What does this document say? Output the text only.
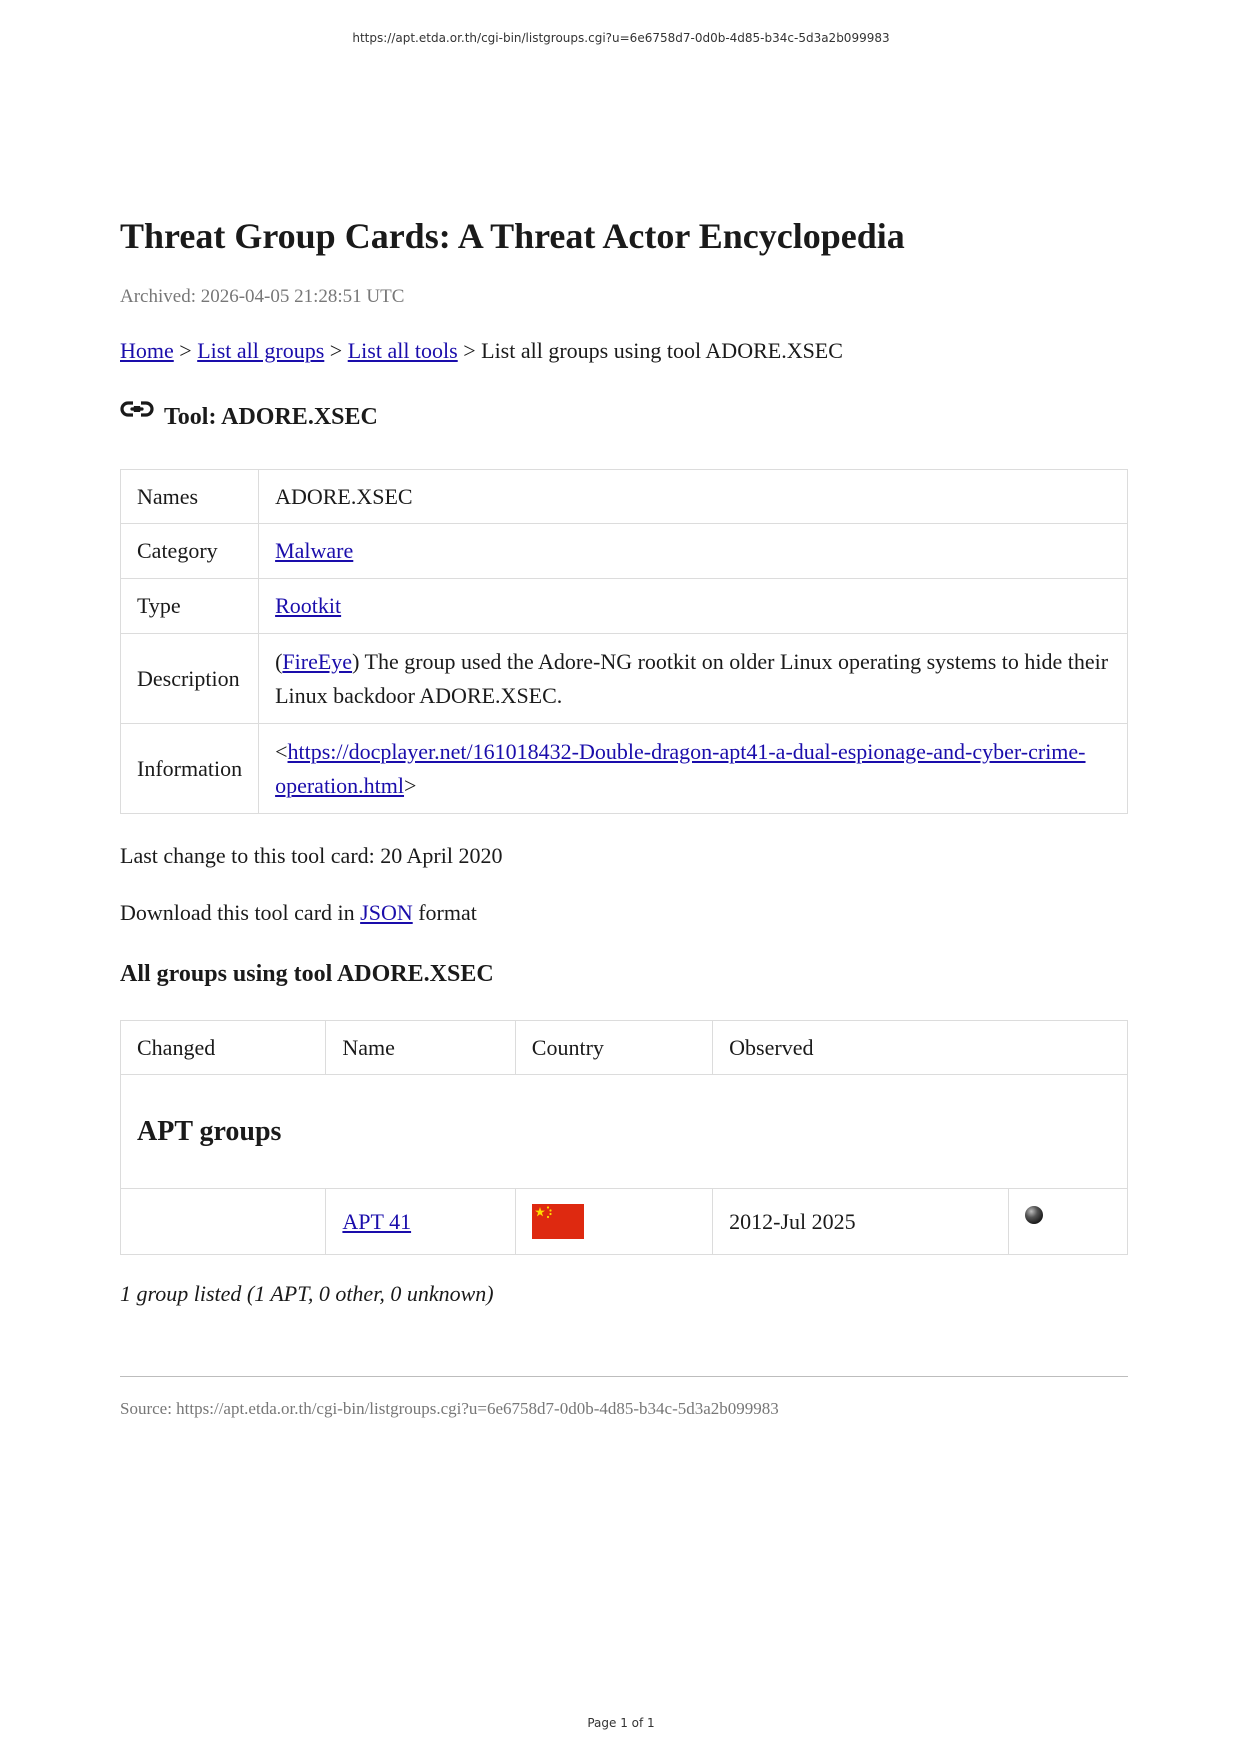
https://apt.etda.or.th/cgi-bin/listgroups.cgi?u=6e6758d7-0d0b-4d85-b34c-5d3a2b099983
Threat Group Cards: A Threat Actor Encyclopedia
Archived: 2026-04-05 21:28:51 UTC
Home > List all groups > List all tools > List all groups using tool ADORE.XSEC
Tool: ADORE.XSEC
Names	ADORE.XSEC
Category	Malware
Type	Rootkit
Description	(FireEye) The group used the Adore-NG rootkit on older Linux operating systems to hide their Linux backdoor ADORE.XSEC.
Information	<https://docplayer.net/161018432-Double-dragon-apt41-a-dual-espionage-and-cyber-crime-operation.html>
Last change to this tool card: 20 April 2020
Download this tool card in JSON format
All groups using tool ADORE.XSEC
Changed	Name	Country	Observed	
APT groups				
	APT 41		2012-Jul 2025	
1 group listed (1 APT, 0 other, 0 unknown)
Source: https://apt.etda.or.th/cgi-bin/listgroups.cgi?u=6e6758d7-0d0b-4d85-b34c-5d3a2b099983
Page 1 of 1
